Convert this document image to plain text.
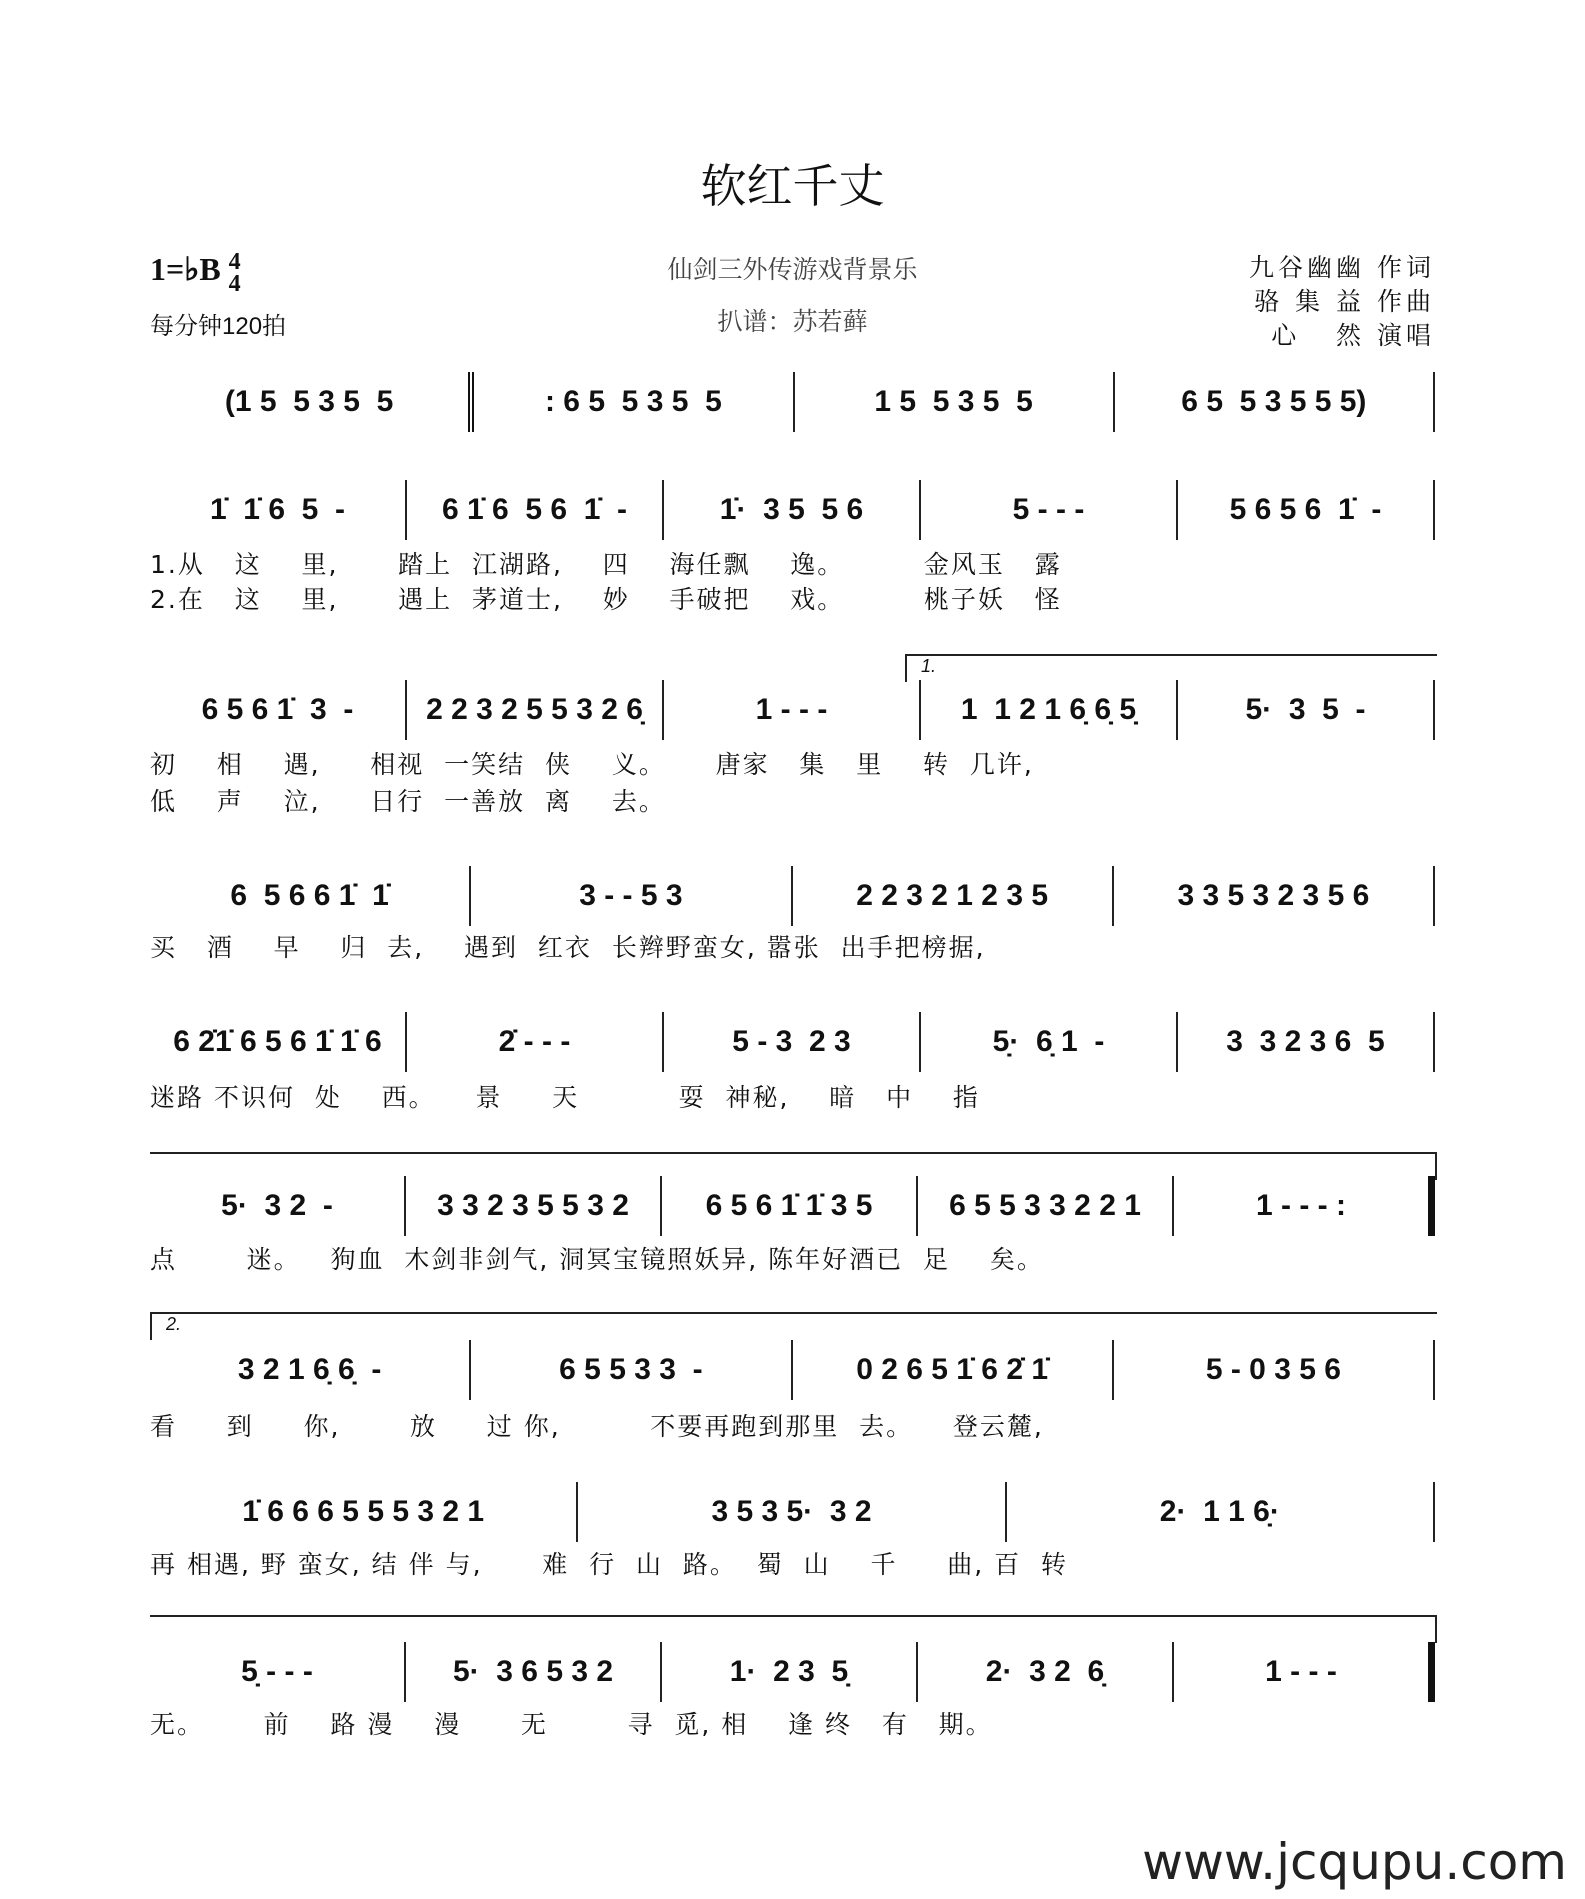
软红千丈
1=♭B 4
4
每分钟120拍
仙剑三外传游戏背景乐
扒谱：苏若藓
九谷幽幽 作词
骆 集 益 作曲
心   然 演唱
(1 5  5 3 5  5	: 6 5  5 3 5  5	1 5  5 3 5  5	6 5  5 3 5 5 5)
1̇  1̇ 6  5  -	6 1̇ 6  5 6  1̇  -	1̇·  3 5  5 6	5 - - -	5 6 5 6  1̇  -
1.从   这    里,      踏上  江湖路,    四    海任飘    逸。        金风玉   露
2.在   这    里,      遇上  茅道士,    妙    手破把    戏。        桃子妖   怪
6 5 6 1̇  3  -	2 2 3 2 5 5 3 2 6̣	1 - - -	1  1 2 1 6̣ 6̣ 5̣	5·  3  5  -
初    相    遇,     相视  一笑结  侠    义。     唐家   集   里    转  几许,
低    声    泣,     日行  一善放  离    去。
1.
6  5 6 6 1̇  1̇	3 - - 5 3	2 2 3 2 1 2 3 5	3 3 5 3 2 3 5 6
买   酒    早    归  去,    遇到  红衣  长辫野蛮女, 嚣张  出手把榜据,
6 2̇1̇ 6 5 6 1̇ 1̇ 6	2̇ - - -	5 - 3  2 3	5̣·  6̣ 1  -	3  3 2 3 6  5
迷路 不识何  处    西。    景     天          耍  神秘,    暗   中    指
5·  3 2  -	3 3 2 3 5 5 3 2	6 5 6 1̇ 1̇ 3 5	6 5 5 3 3 2 2 1	1 - - - :
点       迷。   狗血  木剑非剑气, 洞冥宝镜照妖异, 陈年好酒已  足    矣。
3 2 1 6̣ 6̣  -	6 5 5 3 3  -	0 2 6 5 1̇ 6 2̇ 1̇	5 - 0 3 5 6
看     到     你,       放     过 你,         不要再跑到那里  去。    登云麓,
2.
1̇ 6 6 6 5 5 5 3 2 1	3 5 3 5·  3 2	2·  1 1 6̣·
再 相遇, 野 蛮女, 结 伴 与,      难  行  山  路。  蜀  山    千     曲, 百  转
5̣ - - -	5·  3 6 5 3 2	1·  2 3  5̣	2·  3 2  6̣	1 - - -
无。      前    路 漫    漫      无        寻  觅, 相    逢 终   有   期。
www.jcqupu.com
